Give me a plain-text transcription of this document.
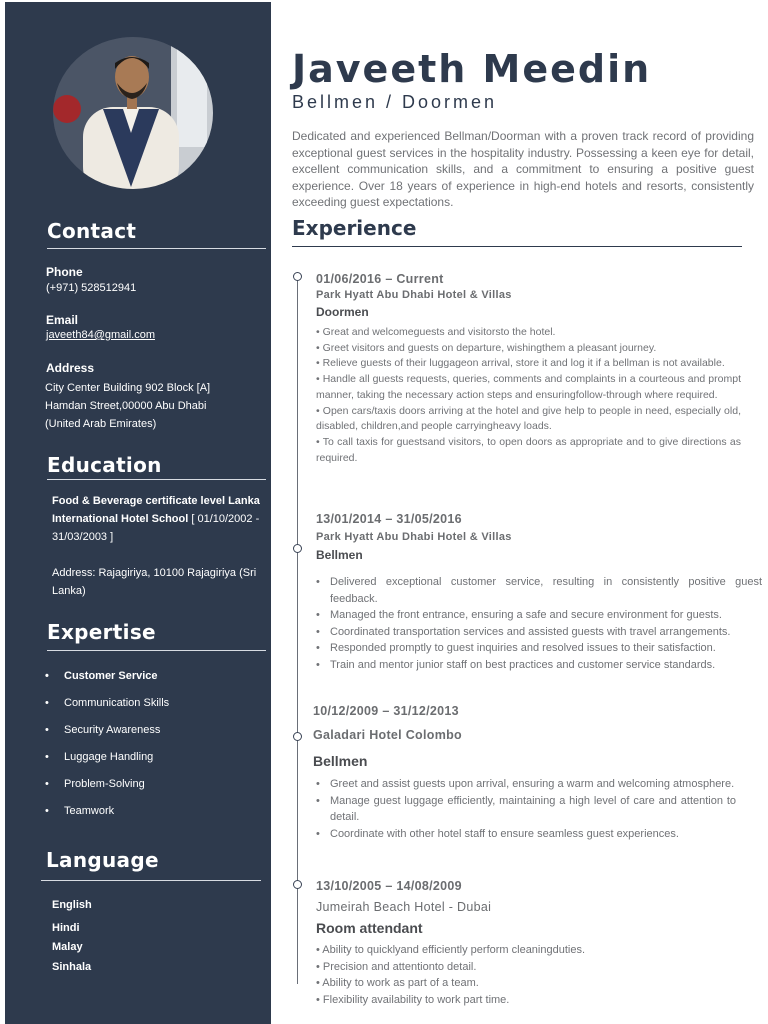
Contact
Phone
(+971) 528512941
Email
javeeth84@gmail.com
Address
City Center Building 902 Block [A]
Hamdan Street,00000 Abu Dhabi
(United Arab Emirates)
Education
Food & Beverage certificate level Lanka
International Hotel School [ 01/10/2002 -
31/03/2003 ]
Address: Rajagiriya, 10100 Rajagiriya (Sri
Lanka)
Expertise
• Customer Service
• Communication Skills
• Security Awareness
• Luggage Handling
• Problem-Solving
• Teamwork
Language
English
Hindi
Malay
Sinhala
Javeeth Meedin
Bellmen / Doormen
Dedicated and experienced Bellman/Doorman with a proven track record of providing exceptional guest services in the hospitality industry. Possessing a keen eye for detail, excellent communication skills, and a commitment to ensuring a positive guest experience. Over 18 years of experience in high-end hotels and resorts, consistently exceeding guest expectations.
Experience
01/06/2016 – Current
Park Hyatt Abu Dhabi Hotel & Villas
Doormen

• Great and welcomeguests and visitorsto the hotel.

• Greet visitors and guests on departure, wishingthem a pleasant journey.

• Relieve guests of their luggageon arrival, store it and log it if a bellman is not available.

• Handle all guests requests, queries, comments and complaints in a courteous and prompt manner, taking the necessary action steps and ensuringfollow-through where required.

• Open cars/taxis doors arriving at the hotel and give help to people in need, especially old, disabled, children,and people carryingheavy loads.

• To call taxis for guestsand visitors, to open doors as appropriate and to give directions as required.

13/01/2014 – 31/05/2016
Park Hyatt Abu Dhabi Hotel & Villas
Bellmen
• Delivered exceptional customer service, resulting in consistently positive guest feedback.
• Managed the front entrance, ensuring a safe and secure environment for guests.
• Coordinated transportation services and assisted guests with travel arrangements.
• Responded promptly to guest inquiries and resolved issues to their satisfaction.
• Train and mentor junior staff on best practices and customer service standards.
10/12/2009 – 31/12/2013
Galadari Hotel Colombo
Bellmen
• Greet and assist guests upon arrival, ensuring a warm and welcoming atmosphere.
• Manage guest luggage efficiently, maintaining a high level of care and attention to detail.
• Coordinate with other hotel staff to ensure seamless guest experiences.
13/10/2005 – 14/08/2009
Jumeirah Beach Hotel - Dubai
Room attendant

• Ability to quicklyand efficiently perform cleaningduties.

• Precision and attentionto detail.

• Ability to work as part of a team.

• Flexibility availability to work part time.
